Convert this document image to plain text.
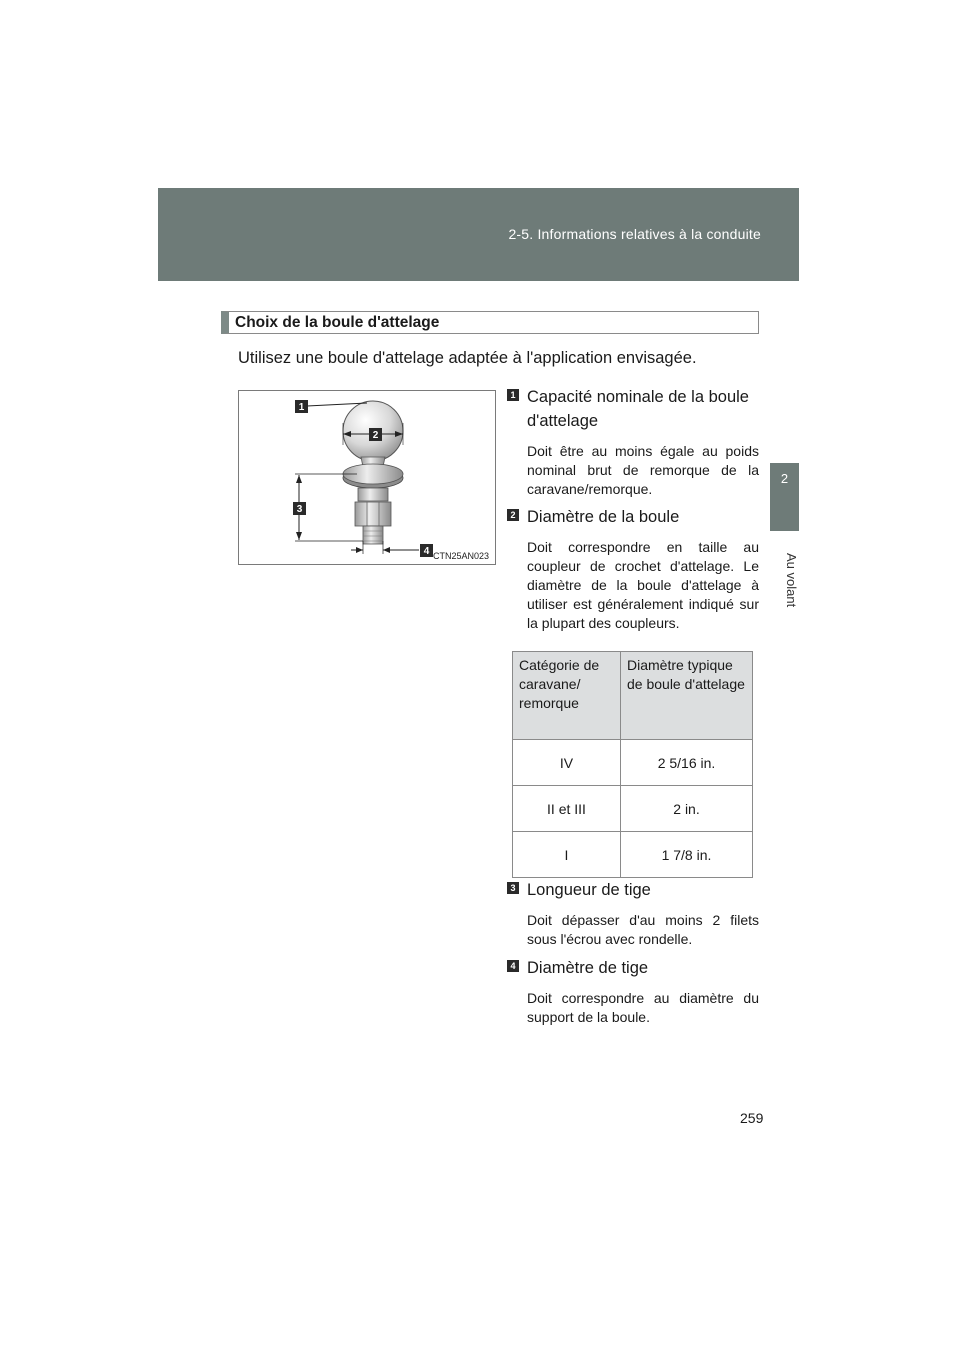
2-5. Informations relatives à la conduite
2
Au volant
Choix de la boule d'attelage
Utilisez une boule d'attelage adaptée à l'application envisagée.
1
2
3
4 CTN25AN023
1 Capacité nominale de la boule d'attelage
Doit être au moins égale au poids nominal brut de remorque de la caravane/remorque.
2 Diamètre de la boule
Doit correspondre en taille au coupleur de crochet d'attelage. Le diamètre de la boule d'attelage à utiliser est généralement indiqué sur la plupart des coupleurs.
Catégorie de caravane/ remorque	Diamètre typique de boule d'attelage
IV	2 5/16 in.
II et III	2 in.
I	1 7/8 in.
3 Longueur de tige
Doit dépasser d'au moins 2 filets sous l'écrou avec rondelle.
4 Diamètre de tige
Doit correspondre au diamètre du support de la boule.
259
